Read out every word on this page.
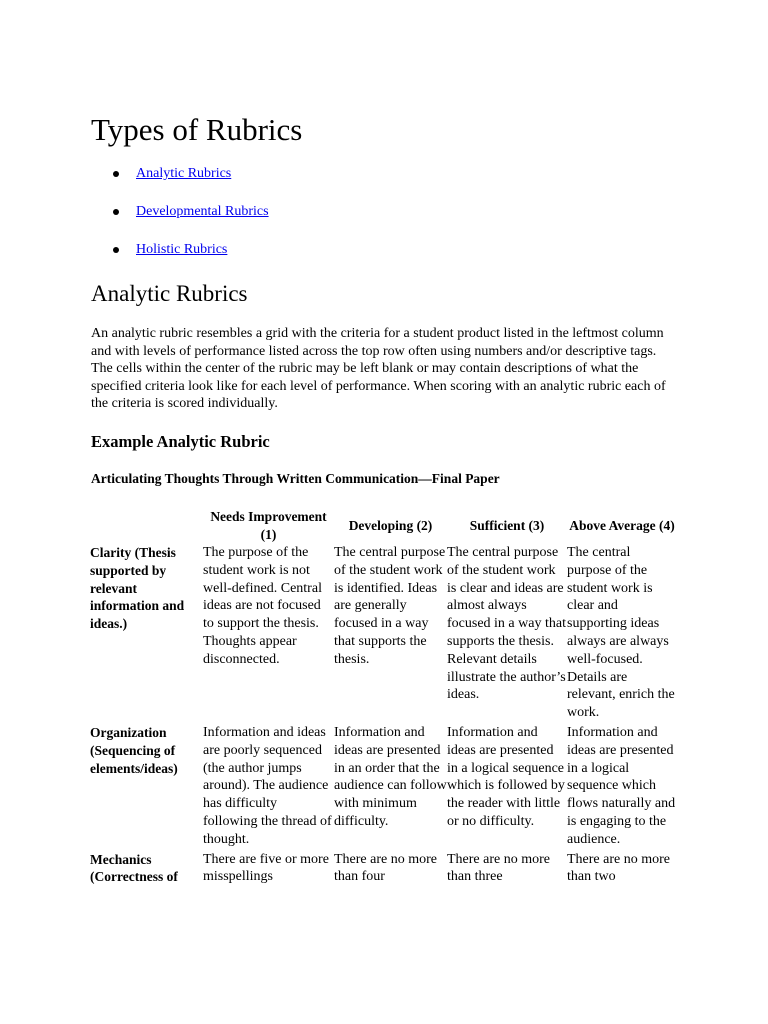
Types of Rubrics
Analytic Rubrics
Developmental Rubrics
Holistic Rubrics
Analytic Rubrics

An analytic rubric resembles a grid with the criteria for a student product listed in the leftmost column and with levels of performance listed across the top row often using numbers and/or descriptive tags. The cells within the center of the rubric may be left blank or may contain descriptions of what the specified criteria look like for each level of performance. When scoring with an analytic rubric each of the criteria is scored individually.

Example Analytic Rubric
Articulating Thoughts Through Written Communication—Final Paper
Needs Improvement (1)
Developing (2)	Sufficient (3)	Above Average (4)
Clarity (Thesis supported by relevant information and ideas.)
The purpose of the student work is not well-defined. Central ideas are not focused to support the thesis. Thoughts appear disconnected.
The central purpose of the student work is identified. Ideas are generally focused in a way that supports the thesis.
The central purpose of the student work is clear and ideas are almost always focused in a way that supports the thesis. Relevant details illustrate the author’s ideas.
The central purpose of the student work is clear and supporting ideas always are always well-focused. Details are relevant, enrich the work.
Organization (Sequencing of elements/ideas)
Information and ideas are poorly sequenced (the author jumps around). The audience has difficulty following the thread of thought.
Information and ideas are presented in an order that the audience can follow with minimum difficulty.
Information and ideas are presented in a logical sequence which is followed by the reader with little or no difficulty.
Information and ideas are presented in a logical sequence which flows naturally and is engaging to the audience.
Mechanics (Correctness of
There are five or more misspellings
There are no more than four
There are no more than three
There are no more than two
